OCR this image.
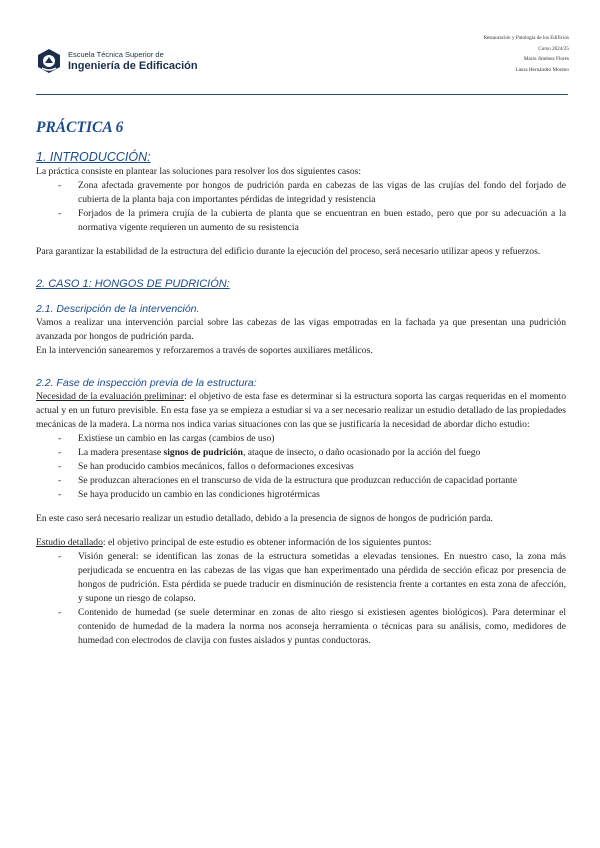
Escuela Técnica Superior de
Ingeniería de Edificación
Restauración y Patología de los Edificios
Curso 2024/25
Mario Jiménez Flores
Laura Hernández Moreno
PRÁCTICA 6
1. INTRODUCCIÓN:

La práctica consiste en plantear las soluciones para resolver los dos siguientes casos:

- Zona afectada gravemente por hongos de pudrición parda en cabezas de las vigas de las crujías del fondo del forjado de cubierta de la planta baja con importantes pérdidas de integridad y resistencia
- Forjados de la primera crujía de la cubierta de planta que se encuentran en buen estado, pero que por su adecuación a la normativa vigente requieren un aumento de su resistencia

Para garantizar la estabilidad de la estructura del edificio durante la ejecución del proceso, será necesario utilizar apeos y refuerzos.

2. CASO 1: HONGOS DE PUDRICIÓN:
2.1. Descripción de la intervención.

Vamos a realizar una intervención parcial sobre las cabezas de las vigas empotradas en la fachada ya que presentan una pudrición avanzada por hongos de pudrición parda.

En la intervención sanearemos y reforzaremos a través de soportes auxiliares metálicos.

2.2. Fase de inspección previa de la estructura:

Necesidad de la evaluación preliminar: el objetivo de esta fase es determinar si la estructura soporta las cargas requeridas en el momento actual y en un futuro previsible. En esta fase ya se empieza a estudiar si va a ser necesario realizar un estudio detallado de las propiedades mecánicas de la madera. La norma nos indica varias situaciones con las que se justificaría la necesidad de abordar dicho estudio:

- Existiese un cambio en las cargas (cambios de uso)
- La madera presentase signos de pudrición, ataque de insecto, o daño ocasionado por la acción del fuego
- Se han producido cambios mecánicos, fallos o deformaciones excesivas
- Se produzcan alteraciones en el transcurso de vida de la estructura que produzcan reducción de capacidad portante
- Se haya producido un cambio en las condiciones higrotérmicas

En este caso será necesario realizar un estudio detallado, debido a la presencia de signos de hongos de pudrición parda.

Estudio detallado: el objetivo principal de este estudio es obtener información de los siguientes puntos:

- Visión general: se identifican las zonas de la estructura sometidas a elevadas tensiones. En nuestro caso, la zona más perjudicada se encuentra en las cabezas de las vigas que han experimentado una pérdida de sección eficaz por presencia de hongos de pudrición. Esta pérdida se puede traducir en disminución de resistencia frente a cortantes en esta zona de afección, y supone un riesgo de colapso.
- Contenido de humedad (se suele determinar en zonas de alto riesgo si existiesen agentes biológicos). Para determinar el contenido de humedad de la madera la norma nos aconseja herramienta o técnicas para su análisis, como, medidores de humedad con electrodos de clavija con fustes aislados y puntas conductoras.
